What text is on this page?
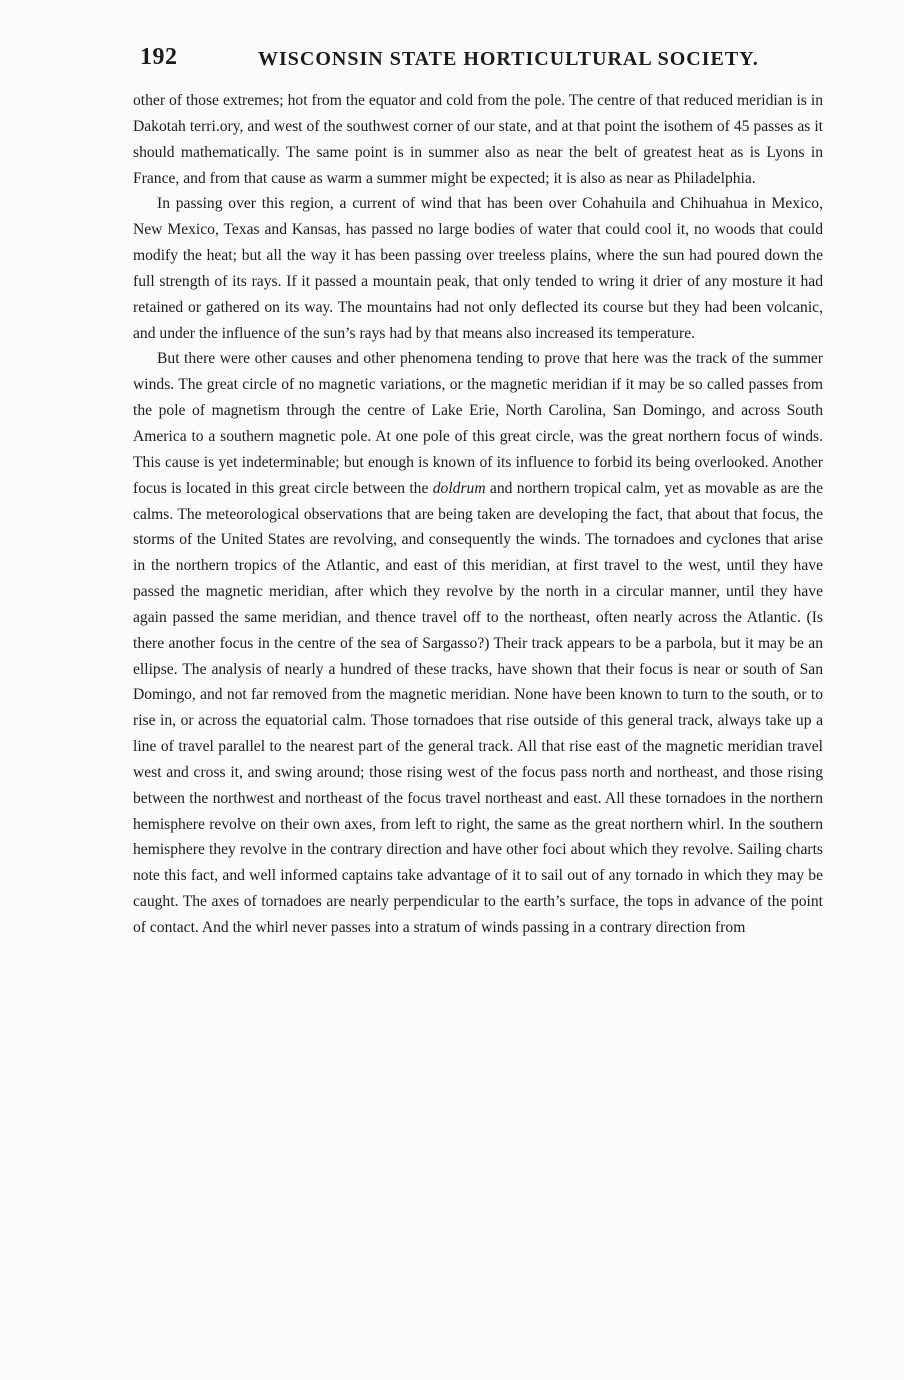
192	WISCONSIN STATE HORTICULTURAL SOCIETY.

other of those extremes; hot from the equator and cold from the pole. The centre of that reduced meridian is in Dakotah terri.ory, and west of the southwest corner of our state, and at that point the isothem of 45 passes as it should mathematically. The same point is in summer also as near the belt of greatest heat as is Lyons in France, and from that cause as warm a summer might be expected; it is also as near as Philadelphia.

In passing over this region, a current of wind that has been over Cohahuila and Chihuahua in Mexico, New Mexico, Texas and Kansas, has passed no large bodies of water that could cool it, no woods that could modify the heat; but all the way it has been passing over treeless plains, where the sun had poured down the full strength of its rays. If it passed a mountain peak, that only tended to wring it drier of any mosture it had retained or gathered on its way. The mountains had not only deflected its course but they had been volcanic, and under the influence of the sun’s rays had by that means also increased its temperature.

But there were other causes and other phenomena tending to prove that here was the track of the summer winds. The great circle of no magnetic variations, or the magnetic meridian if it may be so called passes from the pole of magnetism through the centre of Lake Erie, North Carolina, San Domingo, and across South America to a southern magnetic pole. At one pole of this great circle, was the great northern focus of winds. This cause is yet indeterminable; but enough is known of its influence to forbid its being overlooked. Another focus is located in this great circle between the doldrum and northern tropical calm, yet as movable as are the calms. The meteorological observations that are being taken are developing the fact, that about that focus, the storms of the United States are revolving, and consequently the winds. The tornadoes and cyclones that arise in the northern tropics of the Atlantic, and east of this meridian, at first travel to the west, until they have passed the magnetic meridian, after which they revolve by the north in a circular manner, until they have again passed the same meridian, and thence travel off to the northeast, often nearly across the Atlantic. (Is there another focus in the centre of the sea of Sargasso?) Their track appears to be a parbola, but it may be an ellipse. The analysis of nearly a hundred of these tracks, have shown that their focus is near or south of San Domingo, and not far removed from the magnetic meridian. None have been known to turn to the south, or to rise in, or across the equatorial calm. Those tornadoes that rise outside of this general track, always take up a line of travel parallel to the nearest part of the general track. All that rise east of the magnetic meridian travel west and cross it, and swing around; those rising west of the focus pass north and northeast, and those rising between the northwest and northeast of the focus travel northeast and east. All these tornadoes in the northern hemisphere revolve on their own axes, from left to right, the same as the great northern whirl. In the southern hemisphere they revolve in the contrary direction and have other foci about which they revolve. Sailing charts note this fact, and well informed captains take advantage of it to sail out of any tornado in which they may be caught. The axes of tornadoes are nearly perpendicular to the earth’s surface, the tops in advance of the point of contact. And the whirl never passes into a stratum of winds passing in a contrary direction from
